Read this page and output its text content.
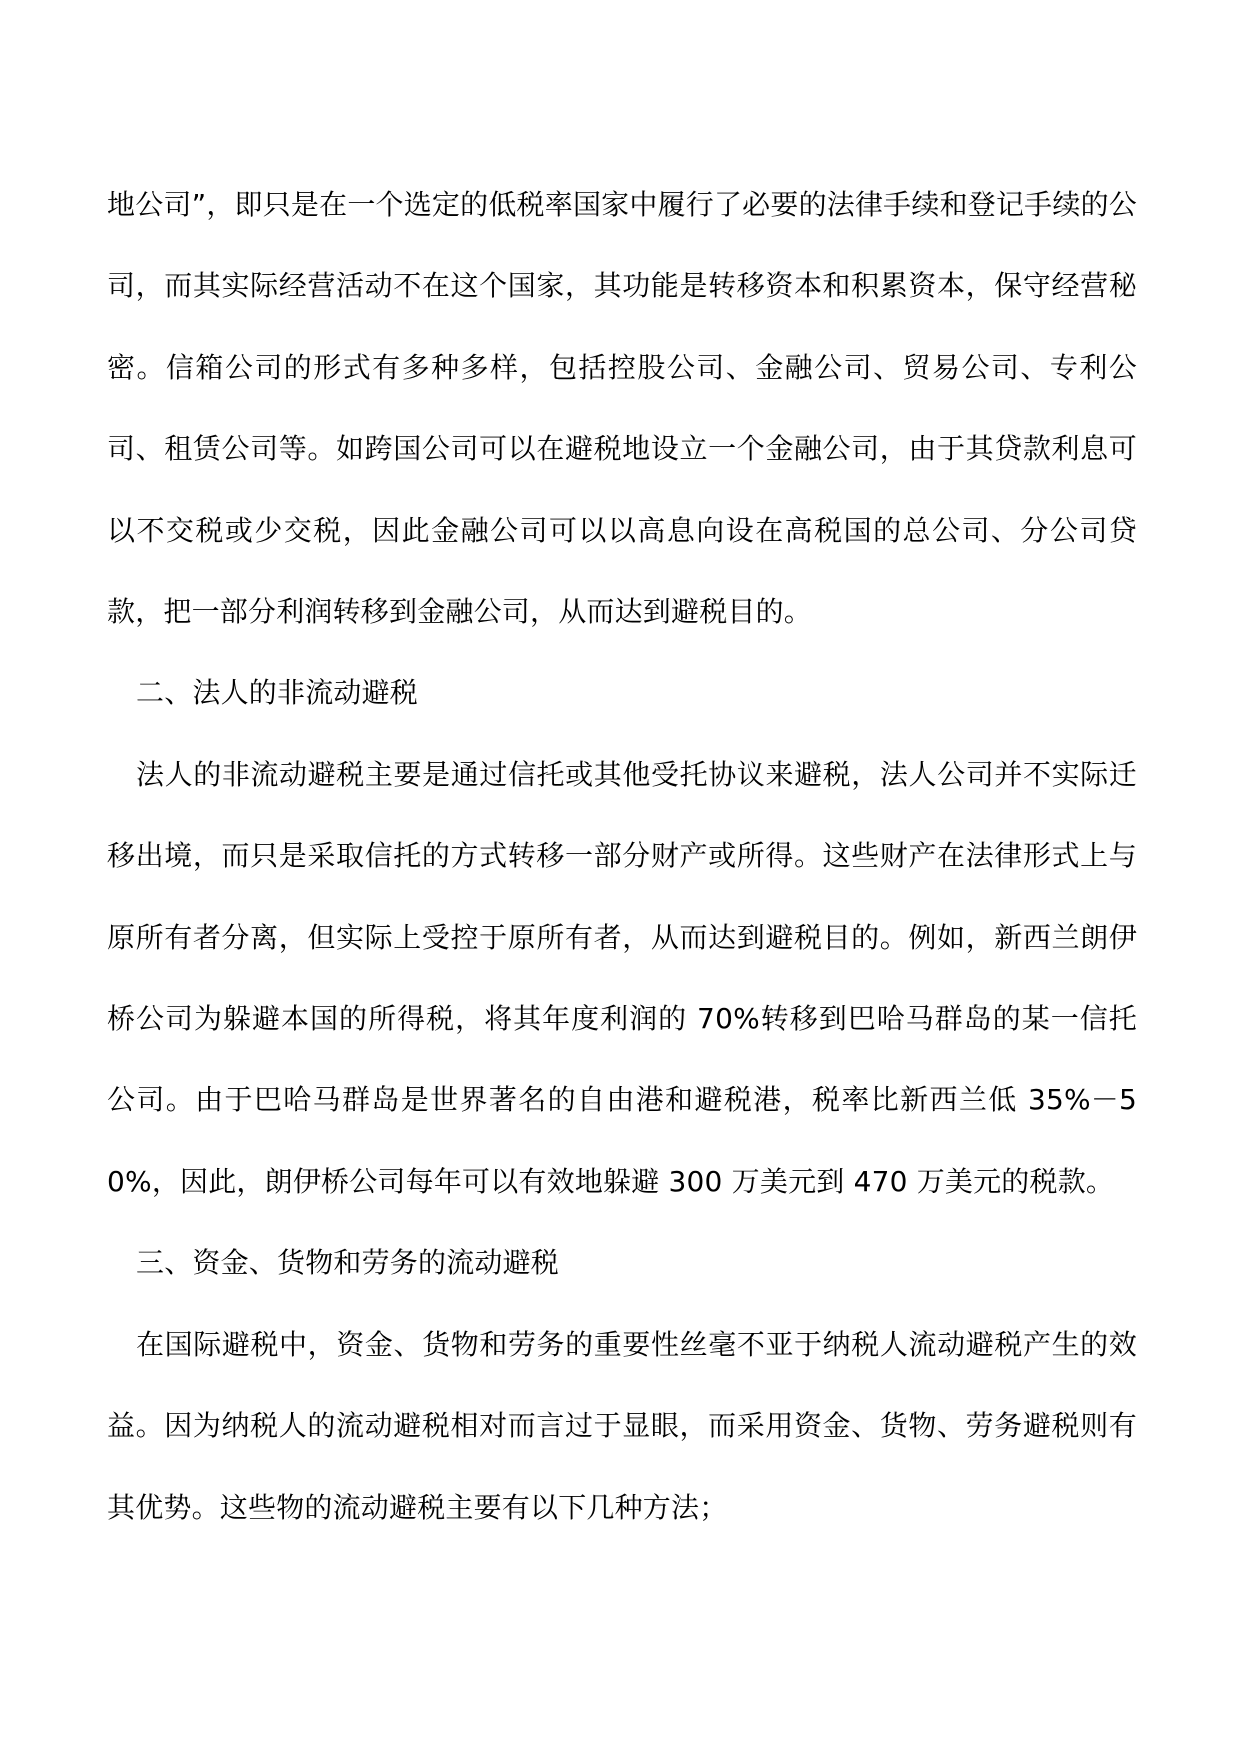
地公司”，即只是在一个选定的低税率国家中履行了必要的法律手续和登记手续的公司，而其实际经营活动不在这个国家，其功能是转移资本和积累资本，保守经营秘密。信箱公司的形式有多种多样，包括控股公司、金融公司、贸易公司、专利公司、租赁公司等。如跨国公司可以在避税地设立一个金融公司，由于其贷款利息可以不交税或少交税，因此金融公司可以以高息向设在高税国的总公司、分公司贷款，把一部分利润转移到金融公司，从而达到避税目的。

二、法人的非流动避税

法人的非流动避税主要是通过信托或其他受托协议来避税，法人公司并不实际迁移出境，而只是采取信托的方式转移一部分财产或所得。这些财产在法律形式上与原所有者分离，但实际上受控于原所有者，从而达到避税目的。例如，新西兰朗伊桥公司为躲避本国的所得税，将其年度利润的 70%转移到巴哈马群岛的某一信托公司。由于巴哈马群岛是世界著名的自由港和避税港，税率比新西兰低 35%－50%，因此，朗伊桥公司每年可以有效地躲避 300 万美元到 470 万美元的税款。

三、资金、货物和劳务的流动避税

在国际避税中，资金、货物和劳务的重要性丝毫不亚于纳税人流动避税产生的效益。因为纳税人的流动避税相对而言过于显眼，而采用资金、货物、劳务避税则有其优势。这些物的流动避税主要有以下几种方法；
